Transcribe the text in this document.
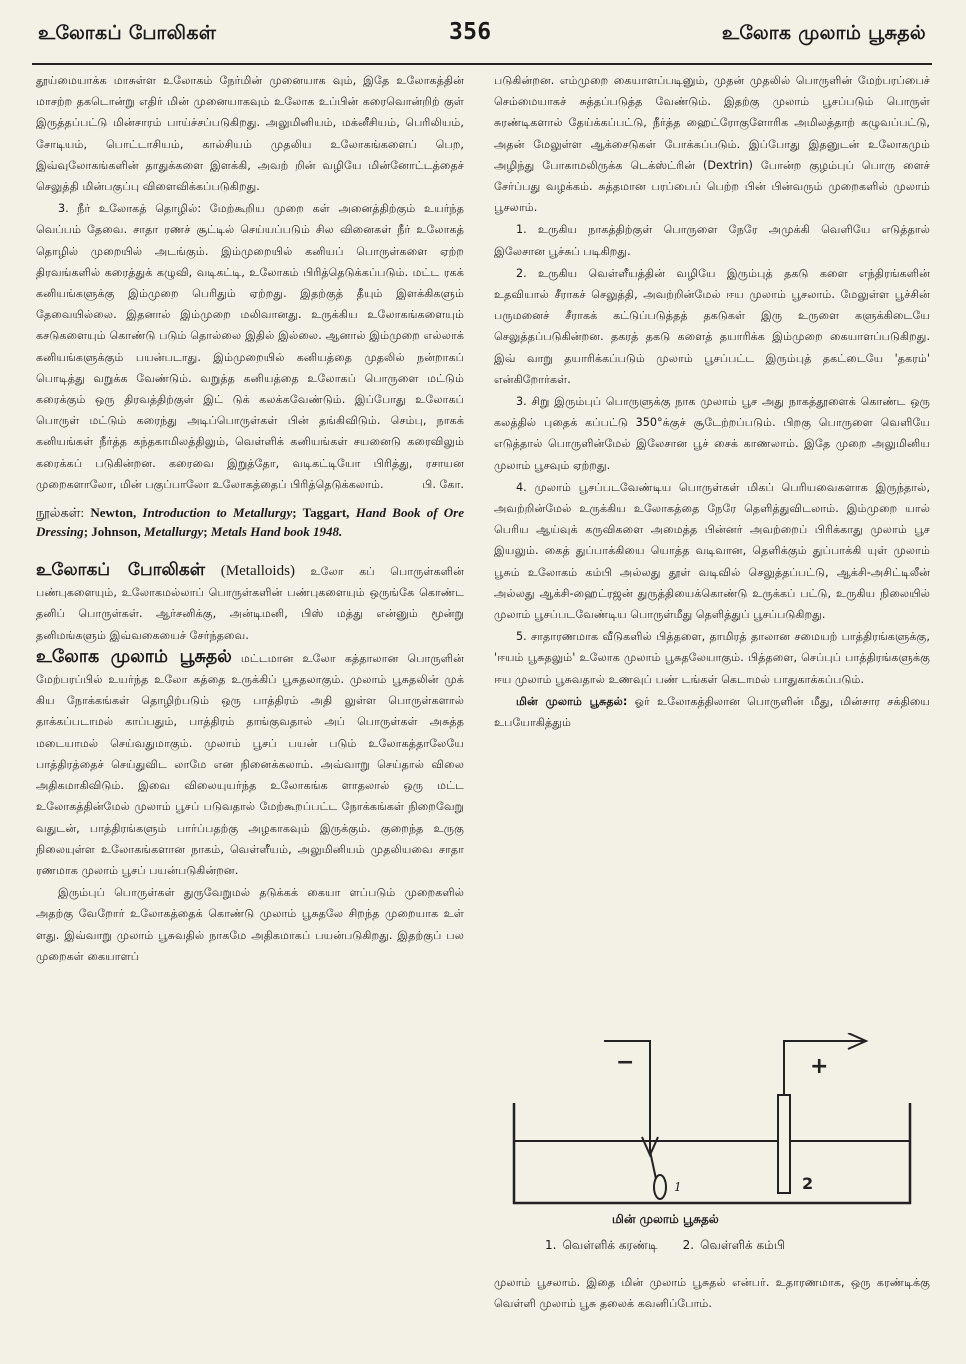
உலோகப் போலிகள்	356	உலோக முலாம் பூசுதல்

தூய்மையாக்க மாசுள்ள உலோகம் நேர்மின் முனையாக வும், இதே உலோகத்தின் மாசற்ற தகடொன்று எதிர் மின் முனையாகவும் உலோக உப்பின் கரைவொன்றிற் குள் இருத்தப்பட்டு மின்சாரம் பாய்ச்சப்படுகிறது. அலுமினியம், மக்னீசியம், பெரிலியம், சோடியம், பொட்டாசியம், கால்சியம் முதலிய உலோகங்களைப் பெற, இவ்வுலோகங்களின் தாதுக்களை இளக்கி, அவற் றின் வழியே மின்னோட்டத்தைச் செலுத்தி மின்பகுப்பு விளைவிக்கப்படுகிறது.

3. நீர் உலோகத் தொழில்: மேற்கூறிய முறை கள் அனைத்திற்கும் உயர்ந்த வெப்பம் தேவை. சாதா ரணச் சூட்டில் செய்யப்படும் சில வினைகள் நீர் உலோகத் தொழில் முறையில் அடங்கும். இம்முறையில் கனியப் பொருள்களை ஏற்ற திரவங்களில் கரைத்துக் கழுவி, வடிகட்டி, உலோகம் பிரித்தெடுக்கப்படும். மட்ட ரகக் கனியங்களுக்கு இம்முறை பெரிதும் ஏற்றது. இதற்குத் தீயும் இளக்கிகளும் தேவையில்லை. இதனால் இம்முறை மலிவானது. உருக்கிய உலோகங்களையும் கசடுகளையும் கொண்டு படும் தொல்லை இதில் இல்லை. ஆனால் இம்முறை எல்லாக் கனியங்களுக்கும் பயன்படாது. இம்முறையில் கனியத்தை முதலில் நன்றாகப் பொடித்து வறுக்க வேண்டும். வறுத்த கனியத்தை உலோகப் பொருளை மட்டும் கரைக்கும் ஒரு திரவத்திற்குள் இட் டுக் கலக்கவேண்டும். இப்போது உலோகப் பொருள் மட்டும் கரைந்து அடிப்பொருள்கள் பின் தங்கிவிடும். செம்பு, நாகக் கனியங்கள் நீர்த்த கந்தகாமிலத்திலும், வெள்ளிக் கனியங்கள் சயனைடு கரைவிலும் கரைக்கப் படுகின்றன. கரைவை இறுத்தோ, வடிகட்டியோ பிரித்து, ரசாயன முறைகளாலோ, மின் பகுப்பாலோ உலோகத்தைப் பிரித்தெடுக்கலாம்.	பி. கோ.

நூல்கள்: Newton, Introduction to Metallurgy; Taggart, Hand Book of Ore Dressing; Johnson, Metallurgy; Metals Hand book 1948.

உலோகப் போலிகள் (Metalloids) உலோ கப் பொருள்களின் பண்புகளையும், உலோகமல்லாப் பொருள்களின் பண்புகளையும் ஒருங்கே கொண்ட தனிப் பொருள்கள். ஆர்சனிக்கு, அன்டிமனி, பிஸ் மத்து என்னும் மூன்று தனிமங்களும் இவ்வகையைச் சேர்ந்தவை.

உலோக முலாம் பூசுதல் மட்டமான உலோ கத்தாலான பொருளின் மேற்பரப்பில் உயர்ந்த உலோ கத்தை உருக்கிப் பூசுதலாகும். முலாம் பூசுதலின் முக் கிய நோக்கங்கள் தொழிற்படும் ஒரு பாத்திரம் அதி லுள்ள பொருள்களால் தாக்கப்படாமல் காப்பதும், பாத்திரம் தாங்குவதால் அப் பொருள்கள் அசுத்த மடையாமல் செய்வதுமாகும். முலாம் பூசப் பயன் படும் உலோகத்தாலேயே பாத்திரத்தைச் செய்துவிட லாமே என நினைக்கலாம். அவ்வாறு செய்தால் விலை அதிகமாகிவிடும். இவை விலையுயர்ந்த உலோகங்க ளாதலால் ஒரு மட்ட உலோகத்தின்மேல் முலாம் பூசப் படுவதால் மேற்கூறப்பட்ட நோக்கங்கள் நிறைவேறு வதுடன், பாத்திரங்களும் பார்ப்பதற்கு அழகாகவும் இருக்கும். குறைந்த உருகு நிலையுள்ள உலோகங்களான நாகம், வெள்ளீயம், அலுமினியம் முதலியவை சாதா ரணமாக முலாம் பூசப் பயன்படுகின்றன.

இரும்புப் பொருள்கள் துருவேறுமல் தடுக்கக் கையா ளப்படும் முறைகளில் அதற்கு வேறோர் உலோகத்தைக் கொண்டு முலாம் பூசுதலே சிறந்த முறையாக உள் ளது. இவ்வாறு முலாம் பூசுவதில் நாகமே அதிகமாகப் பயன்படுகிறது. இதற்குப் பல முறைகள் கையாளப்

படுகின்றன. எம்முறை கையாளப்படினும், முதன் முதலில் பொருளின் மேற்பரப்பைச் செம்மையாகச் சுத்தப்படுத்த வேண்டும். இதற்கு முலாம் பூசப்படும் பொருள் சுரண்டிகளால் தேய்க்கப்பட்டு, நீர்த்த ஹைட்ரோகுளோரிக அமிலத்தாற் கழுவப்பட்டு, அதன் மேலுள்ள ஆக்சைடுகள் போக்கப்படும். இப்போது இதனுடன் உலோகமும் அழிந்து போகாமலிருக்க டெக்ஸ்ட்ரின் (Dextrin) போன்ற குழம்புப் பொரு ளைச் சேர்ப்பது வழக்கம். சுத்தமான பரப்பைப் பெற்ற பின் பின்வரும் முறைகளில் முலாம் பூசலாம்.

1. உருகிய நாகத்திற்குள் பொருளை நேரே அமுக்கி வெளியே எடுத்தால் இலேசான பூச்சுப் படிகிறது.

2. உருகிய வெள்ளீயத்தின் வழியே இரும்புத் தகடு களை எந்திரங்களின் உதவியால் சீராகச் செலுத்தி, அவற்றின்மேல் ஈய முலாம் பூசலாம். மேலுள்ள பூச்சின் பருமனைச் சீராகக் கட்டுப்படுத்தத் தகடுகள் இரு உருளை களுக்கிடையே செலுத்தப்படுகின்றன. தகரத் தகடு களைத் தயாரிக்க இம்முறை கையாளப்படுகிறது. இவ் வாறு தயாரிக்கப்படும் முலாம் பூசப்பட்ட இரும்புத் தகட்டையே 'தகரம்' என்கிறோர்கள்.

3. சிறு இரும்புப் பொருளுக்கு நாக முலாம் பூச அது நாகத்தூளைக் கொண்ட ஒரு கலத்தில் புதைக் கப்பட்டு 350°க்குச் சூடேற்றப்படும். பிறகு பொருளை வெளியே எடுத்தால் பொருளின்மேல் இலேசான பூச் சைக் காணலாம். இதே முறை அலுமினிய முலாம் பூசவும் ஏற்றது.

4. முலாம் பூசப்படவேண்டிய பொருள்கள் மிகப் பெரியவைகளாக இருந்தால், அவற்றின்மேல் உருக்கிய உலோகத்தை நேரே தெளித்துவிடலாம். இம்முறை யால் பெரிய ஆய்வுக் கருவிகளை அமைத்த பின்னர் அவற்றைப் பிரிக்காது முலாம் பூச இயலும். கைத் துப்பாக்கியை யொத்த வடிவான, தெளிக்கும் துப்பாக்கி யுள் முலாம் பூசும் உலோகம் கம்பி அல்லது தூள் வடிவில் செலுத்தப்பட்டு, ஆக்சி-அசிட்டிலீன் அல்லது ஆக்சி-ஹைட்ரஜன் துருத்தியைக்கொண்டு உருக்கப் பட்டு, உருகிய நிலையில் முலாம் பூசப்படவேண்டிய பொருள்மீது தெளித்துப் பூசப்படுகிறது.

5. சாதாரணமாக வீடுகளில் பித்தளை, தாமிரத் தாலான சமையற் பாத்திரங்களுக்கு, 'ஈயம் பூசுதலும்' உலோக முலாம் பூசுதலேயாகும். பித்தளை, செப்புப் பாத்திரங்களுக்கு ஈய முலாம் பூசுவதால் உணவுப் பண் டங்கள் கெடாமல் பாதுகாக்கப்படும்.

மின் முலாம் பூசுதல்: ஓர் உலோகத்திலான பொருளின் மீது, மின்சார சக்தியை உபயோகித்தும்

−	+
1	2
மின் முலாம் பூசுதல்
1. வெள்ளிக் கரண்டி 2. வெள்ளிக் கம்பி
முலாம் பூசலாம். இதை மின் முலாம் பூசுதல் என்பர். உதாரணமாக, ஒரு கரண்டிக்கு வெள்ளி முலாம் பூசு தலைக் கவனிப்போம்.
